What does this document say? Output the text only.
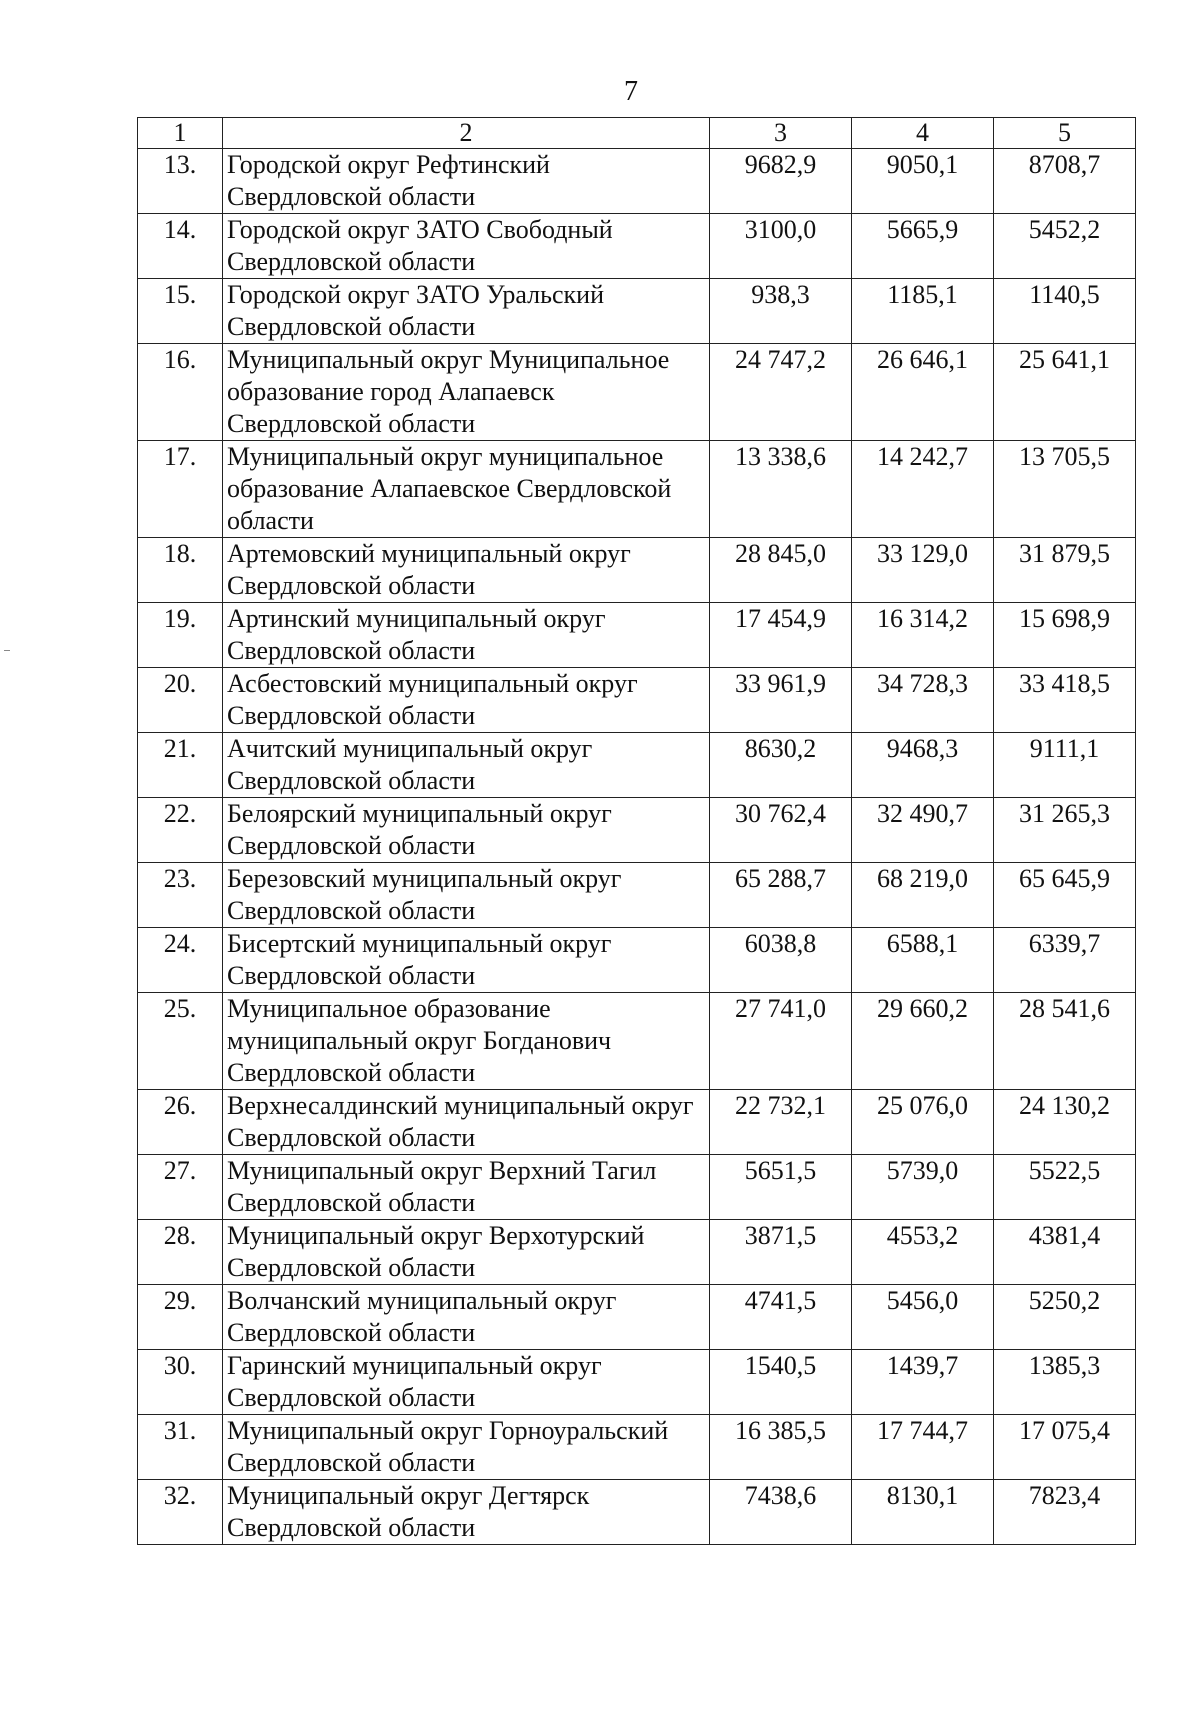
7
1	2	3	4	5
13.	Городской округ Рефтинский Свердловской области	9682,9	9050,1	8708,7
14.	Городской округ ЗАТО Свободный Свердловской области	3100,0	5665,9	5452,2
15.	Городской округ ЗАТО Уральский Свердловской области	938,3	1185,1	1140,5
16.	Муниципальный округ Муниципальное образование город Алапаевск Свердловской области	24 747,2	26 646,1	25 641,1
17.	Муниципальный округ муниципальное образование Алапаевское Свердловской области	13 338,6	14 242,7	13 705,5
18.	Артемовский муниципальный округ Свердловской области	28 845,0	33 129,0	31 879,5
19.	Артинский муниципальный округ Свердловской области	17 454,9	16 314,2	15 698,9
20.	Асбестовский муниципальный округ Свердловской области	33 961,9	34 728,3	33 418,5
21.	Ачитский муниципальный округ Свердловской области	8630,2	9468,3	9111,1
22.	Белоярский муниципальный округ Свердловской области	30 762,4	32 490,7	31 265,3
23.	Березовский муниципальный округ Свердловской области	65 288,7	68 219,0	65 645,9
24.	Бисертский муниципальный округ Свердловской области	6038,8	6588,1	6339,7
25.	Муниципальное образование муниципальный округ Богданович Свердловской области	27 741,0	29 660,2	28 541,6
26.	Верхнесалдинский муниципальный округ Свердловской области	22 732,1	25 076,0	24 130,2
27.	Муниципальный округ Верхний Тагил Свердловской области	5651,5	5739,0	5522,5
28.	Муниципальный округ Верхотурский Свердловской области	3871,5	4553,2	4381,4
29.	Волчанский муниципальный округ Свердловской области	4741,5	5456,0	5250,2
30.	Гаринский муниципальный округ Свердловской области	1540,5	1439,7	1385,3
31.	Муниципальный округ Горноуральский Свердловской области	16 385,5	17 744,7	17 075,4
32.	Муниципальный округ Дегтярск Свердловской области	7438,6	8130,1	7823,4
